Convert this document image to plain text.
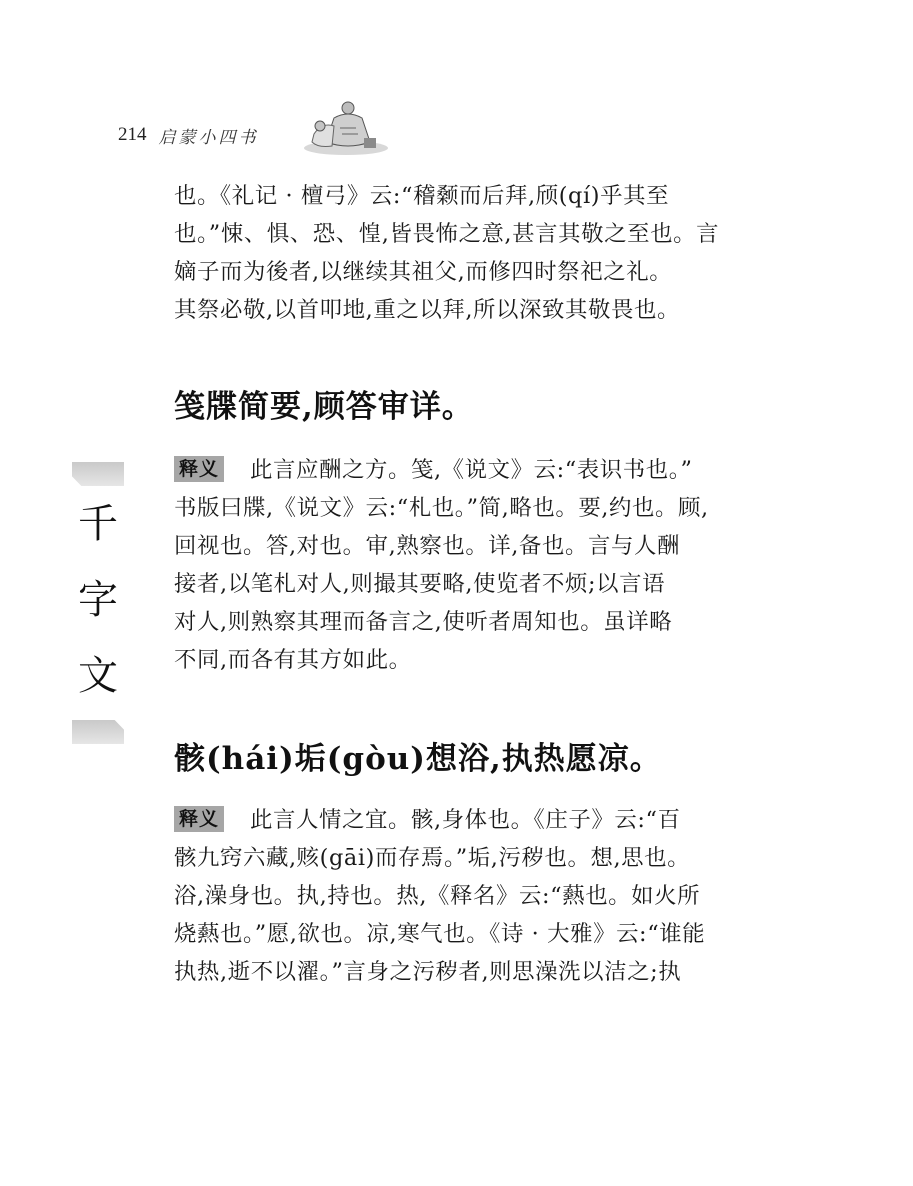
214 启蒙小四书
千
字
文

也。《礼记 · 檀弓》云:“稽颡而后拜,颀(qí)乎其至

也。”悚、惧、恐、惶,皆畏怖之意,甚言其敬之至也。言

嫡子而为後者,以继续其祖父,而修四时祭祀之礼。

其祭必敬,以首叩地,重之以拜,所以深致其敬畏也。

笺牒简要,顾答审详。

释义 此言应酬之方。笺,《说文》云:“表识书也。”

书版曰牒,《说文》云:“札也。”简,略也。要,约也。顾,

回视也。答,对也。审,熟察也。详,备也。言与人酬

接者,以笔札对人,则撮其要略,使览者不烦;以言语

对人,则熟察其理而备言之,使听者周知也。虽详略

不同,而各有其方如此。

骸(hái)垢(gòu)想浴,执热愿凉。

释义 此言人情之宜。骸,身体也。《庄子》云:“百

骸九窍六藏,赅(gāi)而存焉。”垢,污秽也。想,思也。

浴,澡身也。执,持也。热,《释名》云:“爇也。如火所

烧爇也。”愿,欲也。凉,寒气也。《诗 · 大雅》云:“谁能

执热,逝不以濯。”言身之污秽者,则思澡洗以洁之;执
